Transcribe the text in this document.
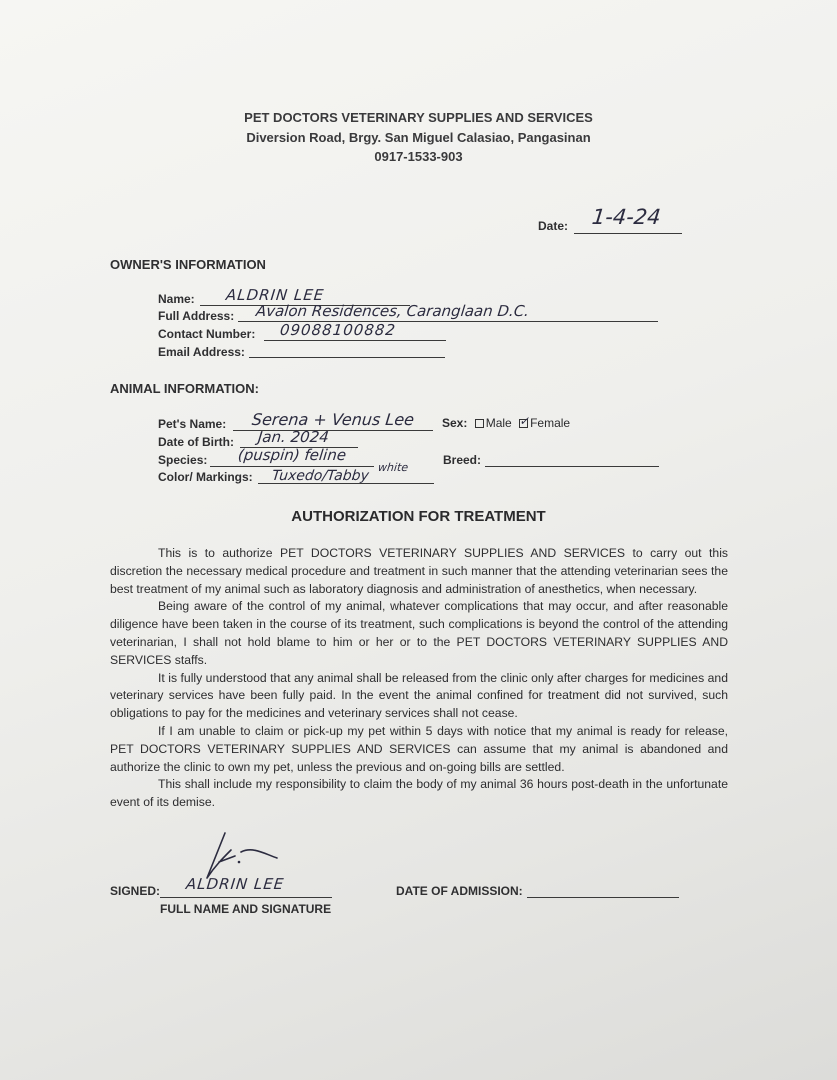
PET DOCTORS VETERINARY SUPPLIES AND SERVICES
Diversion Road, Brgy. San Miguel Calasiao, Pangasinan
0917-1533-903
Date: 1-4-24
OWNER'S INFORMATION
Name: ALDRIN LEE
Full Address: Avalon Residences, Caranglaan D.C.
Contact Number: 09088100882
Email Address:
ANIMAL INFORMATION:
Pet's Name: Serena + Venus Lee Sex: Male ✓ Female
Date of Birth: Jan. 2024
Species: (puspin) feline	Breed:
Color/ Markings: Tuxedo/Tabby
white
AUTHORIZATION FOR TREATMENT

This is to authorize PET DOCTORS VETERINARY SUPPLIES AND SERVICES to carry out this discretion the necessary medical procedure and treatment in such manner that the attending veterinarian sees the best treatment of my animal such as laboratory diagnosis and administration of anesthetics, when necessary.

Being aware of the control of my animal, whatever complications that may occur, and after reasonable diligence have been taken in the course of its treatment, such complications is beyond the control of the attending veterinarian, I shall not hold blame to him or her or to the PET DOCTORS VETERINARY SUPPLIES AND SERVICES staffs.

It is fully understood that any animal shall be released from the clinic only after charges for medicines and veterinary services have been fully paid. In the event the animal confined for treatment did not survived, such obligations to pay for the medicines and veterinary services shall not cease.

If I am unable to claim or pick-up my pet within 5 days with notice that my animal is ready for release, PET DOCTORS VETERINARY SUPPLIES AND SERVICES can assume that my animal is abandoned and authorize the clinic to own my pet, unless the previous and on-going bills are settled.

This shall include my responsibility to claim the body of my animal 36 hours post-death in the unfortunate event of its demise.

SIGNED: ALDRIN LEE
FULL NAME AND SIGNATURE
DATE OF ADMISSION:
